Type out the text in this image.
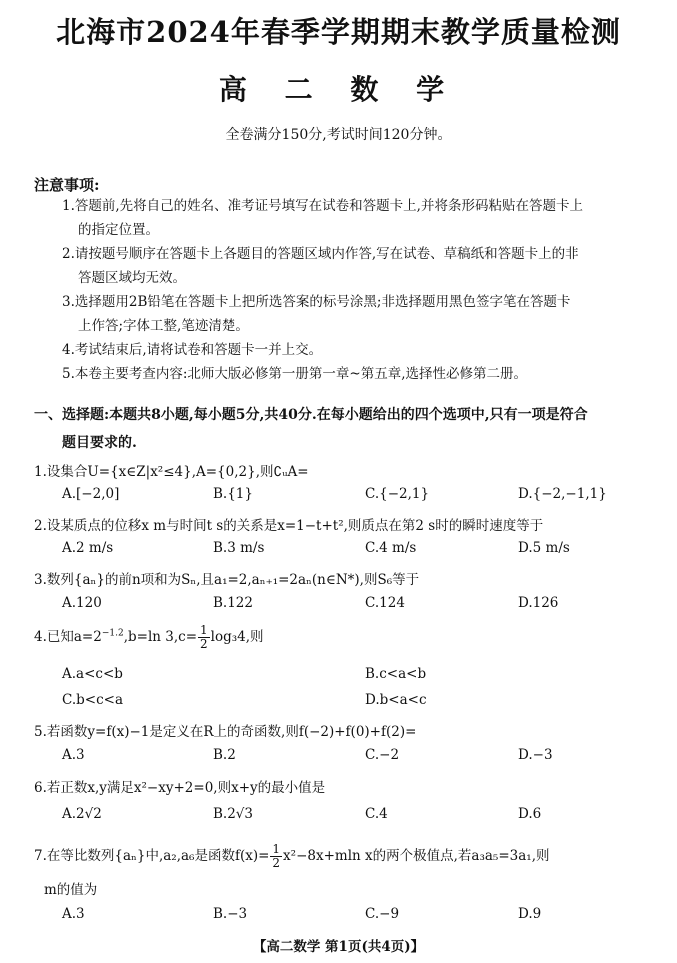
北海市2024年春季学期期末教学质量检测
高 二 数 学
全卷满分150分,考试时间120分钟。
注意事项:
1.答题前,先将自己的姓名、准考证号填写在试卷和答题卡上,并将条形码粘贴在答题卡上
的指定位置。
2.请按题号顺序在答题卡上各题目的答题区域内作答,写在试卷、草稿纸和答题卡上的非
答题区域均无效。
3.选择题用2B铅笔在答题卡上把所选答案的标号涂黑;非选择题用黑色签字笔在答题卡
上作答;字体工整,笔迹清楚。
4.考试结束后,请将试卷和答题卡一并上交。
5.本卷主要考查内容:北师大版必修第一册第一章~第五章,选择性必修第二册。
一、选择题:本题共8小题,每小题5分,共40分.在每小题给出的四个选项中,只有一项是符合
题目要求的.
1.设集合U={x∈Z|x²≤4},A={0,2},则∁ᵤA=
A.[−2,0]	B.{1}	C.{−2,1}	D.{−2,−1,1}
2.设某质点的位移x m与时间t s的关系是x=1−t+t²,则质点在第2 s时的瞬时速度等于
A.2 m/s	B.3 m/s	C.4 m/s	D.5 m/s
3.数列{aₙ}的前n项和为Sₙ,且a₁=2,aₙ₊₁=2aₙ(n∈N*),则S₆等于
A.120	B.122	C.124	D.126
4.已知$a=2^{-1.2},b=\ln$ $3,c= \frac{1}{2} \log_34$,则
A.a<c<b	B.c<a<b
C.b<c<a	D.b<a<c
5.若函数y=f(x)−1是定义在R上的奇函数,则f(−2)+f(0)+f(2)=
A.3	B.2	C.−2	D.−3
6.若正数x,y满足x²−xy+2=0,则x+y的最小值是
A.2√2	B.2√3	C.4	D.6
7.在等比数列{aₙ}中,a₂,a₆是函数$f(x)= \frac{1}{2} x^2-8x+mln$ x的两个极值点,若a₃a₅=3a₁,则
m的值为
A.3	B.−3	C.−9	D.9
【高二数学 第1页(共4页)】
